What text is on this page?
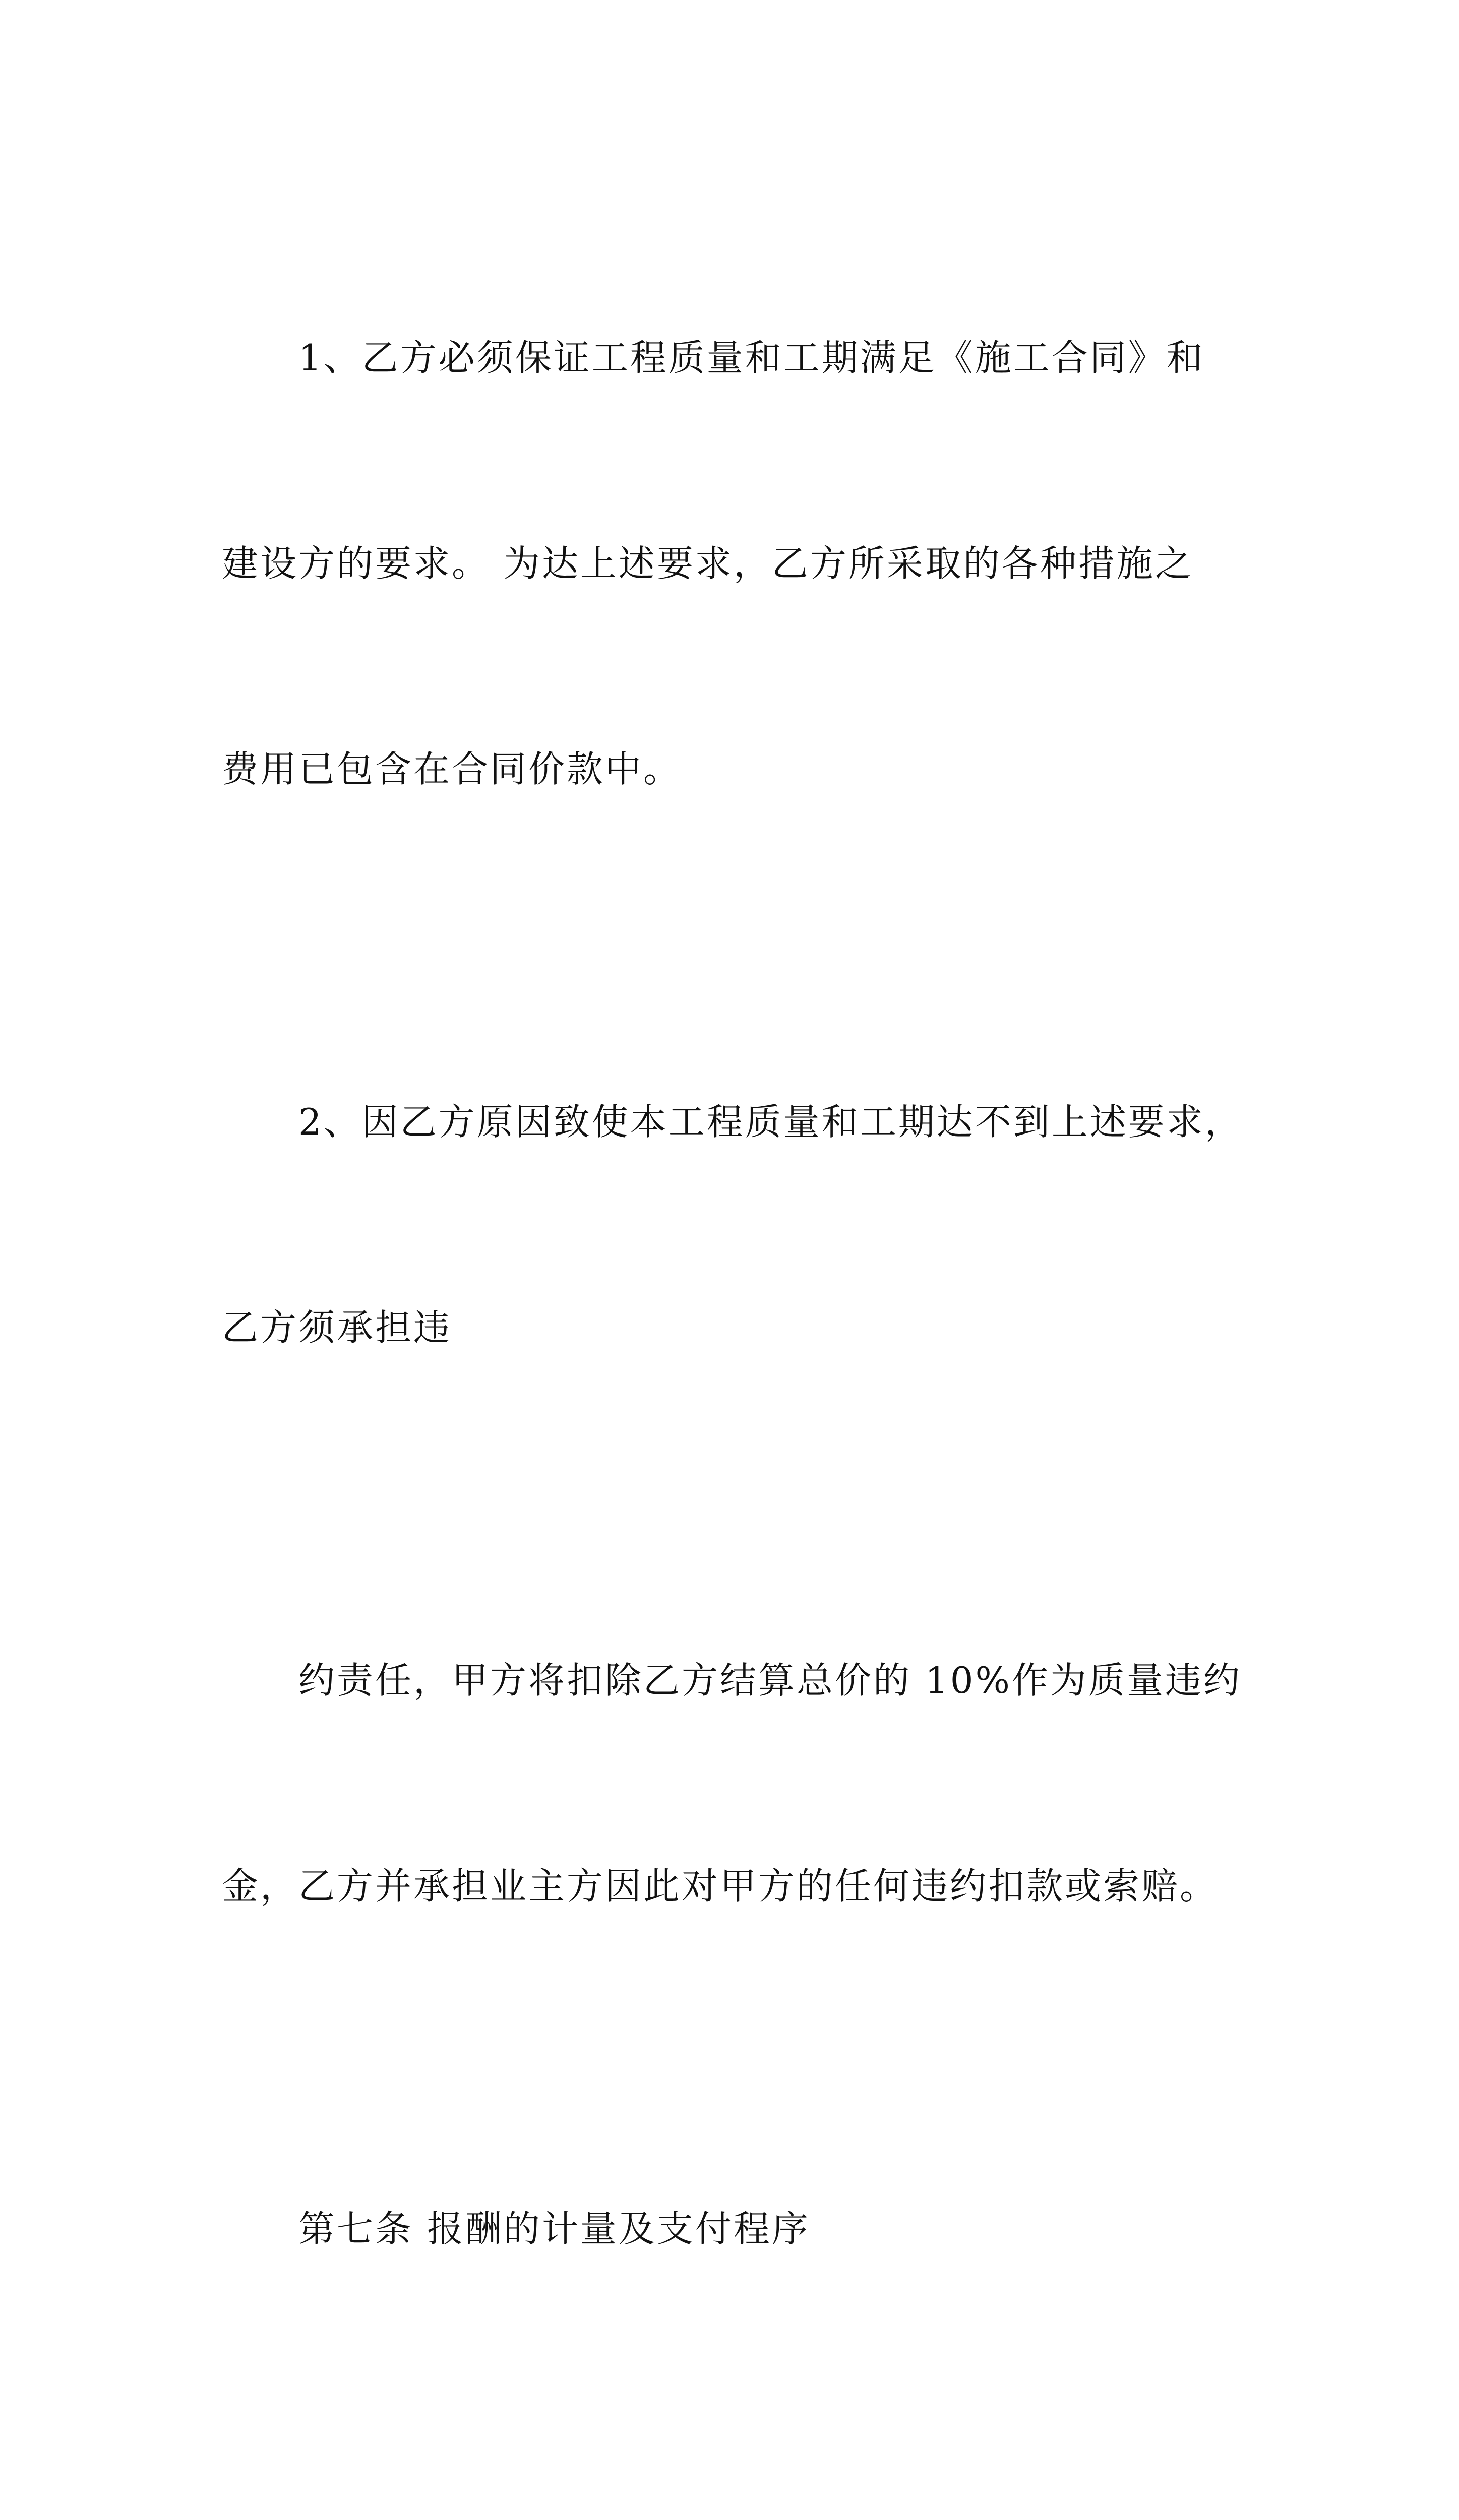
　　1、乙方必须保证工程质量和工期满足《施工合同》和

建设方的要求。 为达上述要求，乙方所采取的各种措施之

费用已包含在合同价款中。

　　2、因乙方原因致使本工程质量和工期达不到上述要求，

乙方须承担违

　　约责任，甲方将扣除乙方结算总价的 10%作为质量违约

金，乙方并承担业主方因此对甲方的任何违约扣款或索赔。

　　第七条 报酬的计量及支付程序
